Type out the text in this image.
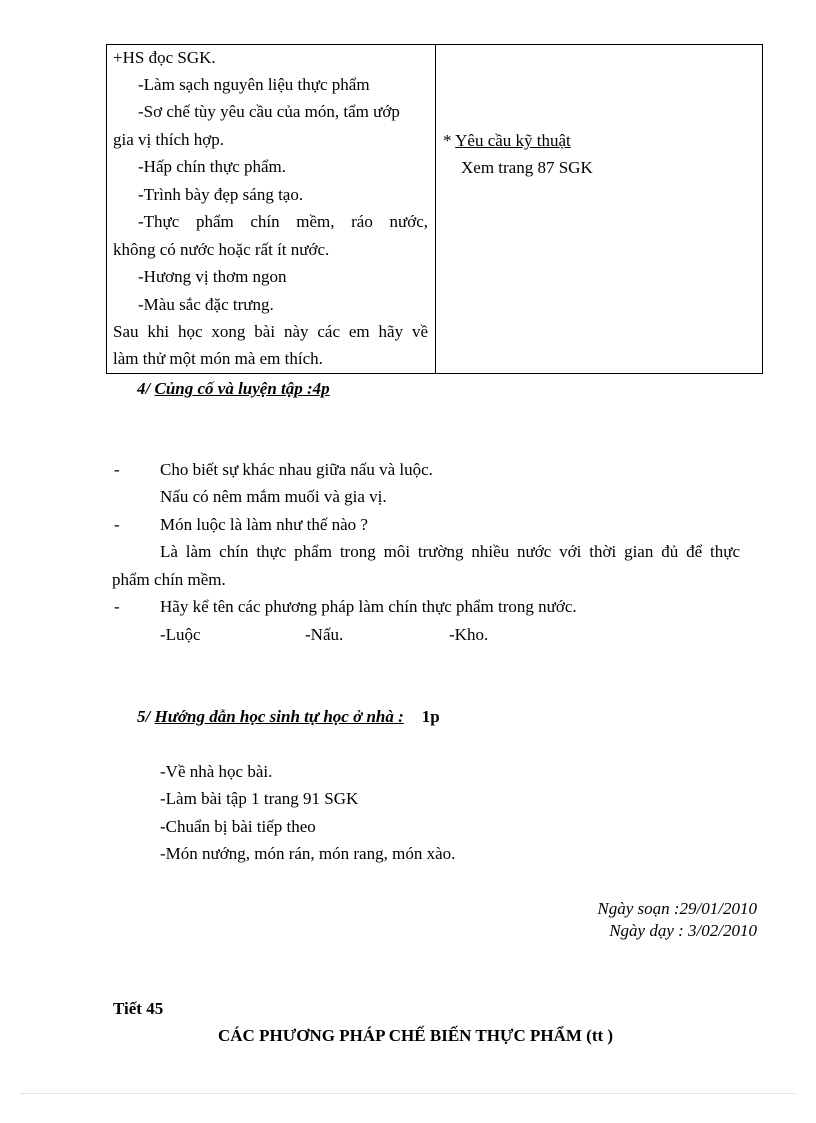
+HS đọc SGK.
-Làm sạch nguyên liệu thực phẩm
-Sơ chế tùy yêu cầu của món, tẩm ướp
gia vị thích hợp.
-Hấp chín thực phẩm.
-Trình bày đẹp sáng tạo.
-Thực phẩm chín mềm, ráo nước,
không có nước hoặc rất ít nước.
-Hương vị thơm ngon
-Màu sắc đặc trưng.
Sau khi học xong bài này các em hãy về
làm thử một món mà em thích.
* Yêu cầu kỹ thuật
Xem trang 87 SGK
4/ Củng cố và luyện tập :4p
- Cho biết sự khác nhau giữa nấu và luộc.
Nấu có nêm mắm muối và gia vị.
- Món luộc là làm như thế nào ?
Là làm chín thực phẩm trong môi trường nhiều nước với thời gian đủ để thực
phẩm chín mềm.
- Hãy kể tên các phương pháp làm chín thực phẩm trong nước.
-Luộc	-Nấu.	-Kho.
5/ Hướng dẫn học sinh tự học ở nhà : 1p
-Về nhà học bài.
-Làm bài tập 1 trang 91 SGK
-Chuẩn bị bài tiếp theo
-Món nướng, món rán, món rang, món xào.
Ngày soạn :29/01/2010
Ngày dạy : 3/02/2010
Tiết 45
CÁC PHƯƠNG PHÁP CHẾ BIẾN THỰC PHẨM (tt )
